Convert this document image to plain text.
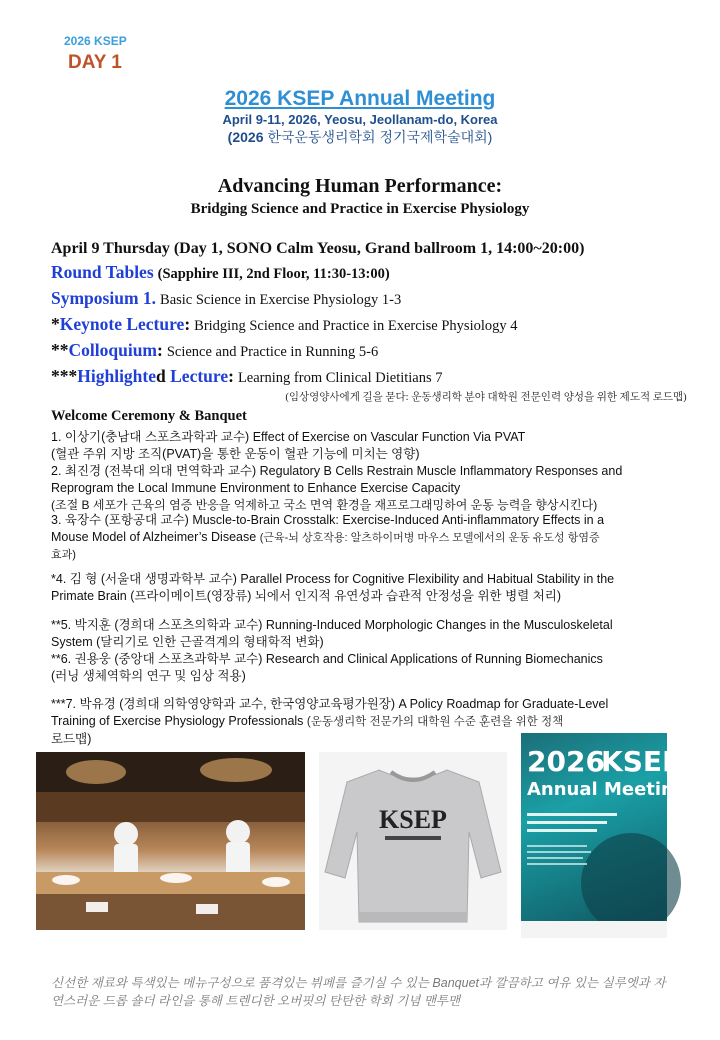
2026 KSEP
DAY 1
2026 KSEP Annual Meeting
April 9-11, 2026, Yeosu, Jeollanam-do, Korea
(2026 한국운동생리학회 정기국제학술대회)
Advancing Human Performance:
Bridging Science and Practice in Exercise Physiology
April 9 Thursday (Day 1, SONO Calm Yeosu, Grand ballroom 1, 14:00~20:00)
Round Tables (Sapphire III, 2nd Floor, 11:30-13:00)
Symposium 1. Basic Science in Exercise Physiology 1-3
*Keynote Lecture: Bridging Science and Practice in Exercise Physiology 4
**Colloquium: Science and Practice in Running 5-6
***Highlighted Lecture: Learning from Clinical Dietitians 7
(임상영양사에게 길을 묻다: 운동생리학 분야 대학원 전문인력 양성을 위한 제도적 로드맵)
Welcome Ceremony & Banquet
1. 이상기(충남대 스포츠과학과 교수) Effect of Exercise on Vascular Function Via PVAT
(혈관 주위 지방 조직(PVAT)을 통한 운동이 혈관 기능에 미치는 영향)
2. 최진경 (전북대 의대 면역학과 교수) Regulatory B Cells Restrain Muscle Inflammatory Responses and
Reprogram the Local Immune Environment to Enhance Exercise Capacity
(조절 B 세포가 근육의 염증 반응을 억제하고 국소 면역 환경을 재프로그래밍하여 운동 능력을 향상시킨다)
3. 육장수 (포항공대 교수) Muscle-to-Brain Crosstalk: Exercise-Induced Anti-inflammatory Effects in a
Mouse Model of Alzheimer’s Disease (근육-뇌 상호작용: 알츠하이머병 마우스 모델에서의 운동 유도성 항염증
효과)
*4. 김 형 (서울대 생명과학부 교수) Parallel Process for Cognitive Flexibility and Habitual Stability in the
Primate Brain (프라이메이트(영장류) 뇌에서 인지적 유연성과 습관적 안정성을 위한 병렬 처리)
**5. 박지훈 (경희대 스포츠의학과 교수) Running-Induced Morphologic Changes in the Musculoskeletal
System (달리기로 인한 근골격계의 형태학적 변화)
**6. 권용웅 (중앙대 스포츠과학부 교수) Research and Clinical Applications of Running Biomechanics
(러닝 생체역학의 연구 및 임상 적용)
***7. 박유경 (경희대 의학영양학과 교수, 한국영양교육평가원장) A Policy Roadmap for Graduate-Level
Training of Exercise Physiology Professionals (운동생리학 전문가의 대학원 수준 훈련을 위한 정책
로드맵)
KSEP
2026
KSEP
Annual Meeting
신선한 재료와 특색있는 메뉴구성으로 품격있는 뷔페를 즐기실 수 있는 Banquet과 깔끔하고 여유 있는 실루엣과 자연스러운 드롭 숄더 라인을 통해 트렌디한 오버핏의 탄탄한 학회 기념 맨투맨
